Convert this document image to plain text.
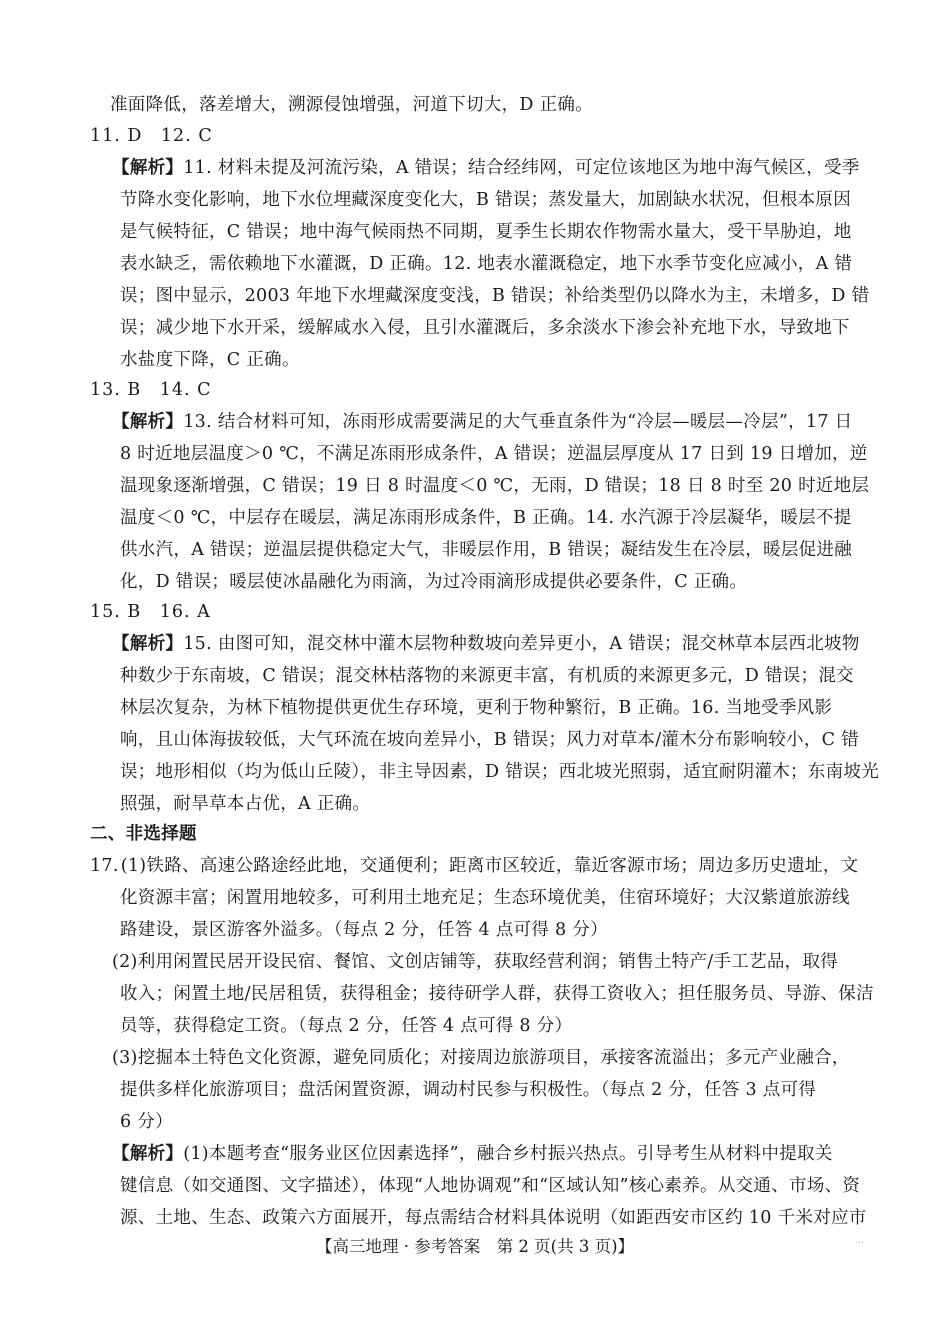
准面降低，落差增大，溯源侵蚀增强，河道下切大，D 正确。
11. D　12. C
【解析】11. 材料未提及河流污染，A 错误；结合经纬网，可定位该地区为地中海气候区，受季
节降水变化影响，地下水位埋藏深度变化大，B 错误；蒸发量大，加剧缺水状况，但根本原因
是气候特征，C 错误；地中海气候雨热不同期，夏季生长期农作物需水量大，受干旱胁迫，地
表水缺乏，需依赖地下水灌溉，D 正确。12. 地表水灌溉稳定，地下水季节变化应减小，A 错
误；图中显示，2003 年地下水埋藏深度变浅，B 错误；补给类型仍以降水为主，未增多，D 错
误；减少地下水开采，缓解咸水入侵，且引水灌溉后，多余淡水下渗会补充地下水，导致地下
水盐度下降，C 正确。
13. B　14. C
【解析】13. 结合材料可知，冻雨形成需要满足的大气垂直条件为“冷层—暖层—冷层”，17 日
8 时近地层温度＞0 ℃，不满足冻雨形成条件，A 错误；逆温层厚度从 17 日到 19 日增加，逆
温现象逐渐增强，C 错误；19 日 8 时温度＜0 ℃，无雨，D 错误；18 日 8 时至 20 时近地层
温度＜0 ℃，中层存在暖层，满足冻雨形成条件，B 正确。14. 水汽源于冷层凝华，暖层不提
供水汽，A 错误；逆温层提供稳定大气，非暖层作用，B 错误；凝结发生在冷层，暖层促进融
化，D 错误；暖层使冰晶融化为雨滴，为过冷雨滴形成提供必要条件，C 正确。
15. B　16. A
【解析】15. 由图可知，混交林中灌木层物种数坡向差异更小，A 错误；混交林草本层西北坡物
种数少于东南坡，C 错误；混交林枯落物的来源更丰富，有机质的来源更多元，D 错误；混交
林层次复杂，为林下植物提供更优生存环境，更利于物种繁衍，B 正确。16. 当地受季风影
响，且山体海拔较低，大气环流在坡向差异小，B 错误；风力对草本/灌木分布影响较小，C 错
误；地形相似（均为低山丘陵），非主导因素，D 错误；西北坡光照弱，适宜耐阴灌木；东南坡光
照强，耐旱草本占优，A 正确。
二、非选择题
17. (1)铁路、高速公路途经此地，交通便利；距离市区较近，靠近客源市场；周边多历史遗址，文
化资源丰富；闲置用地较多，可利用土地充足；生态环境优美，住宿环境好；大汉紫道旅游线
路建设，景区游客外溢多。（每点 2 分，任答 4 点可得 8 分）
(2)利用闲置民居开设民宿、餐馆、文创店铺等，获取经营利润；销售土特产/手工艺品，取得
收入；闲置土地/民居租赁，获得租金；接待研学人群，获得工资收入；担任服务员、导游、保洁
员等，获得稳定工资。（每点 2 分，任答 4 点可得 8 分）
(3)挖掘本土特色文化资源，避免同质化；对接周边旅游项目，承接客流溢出；多元产业融合，
提供多样化旅游项目；盘活闲置资源，调动村民参与积极性。（每点 2 分，任答 3 点可得
6 分）
【解析】(1)本题考查“服务业区位因素选择”，融合乡村振兴热点。引导考生从材料中提取关
键信息（如交通图、文字描述），体现“人地协调观”和“区域认知”核心素养。从交通、市场、资
源、土地、生态、政策六方面展开，每点需结合材料具体说明（如距西安市区约 10 千米对应市
【高三地理 · 参考答案　第 2 页(共 3 页)】	··
